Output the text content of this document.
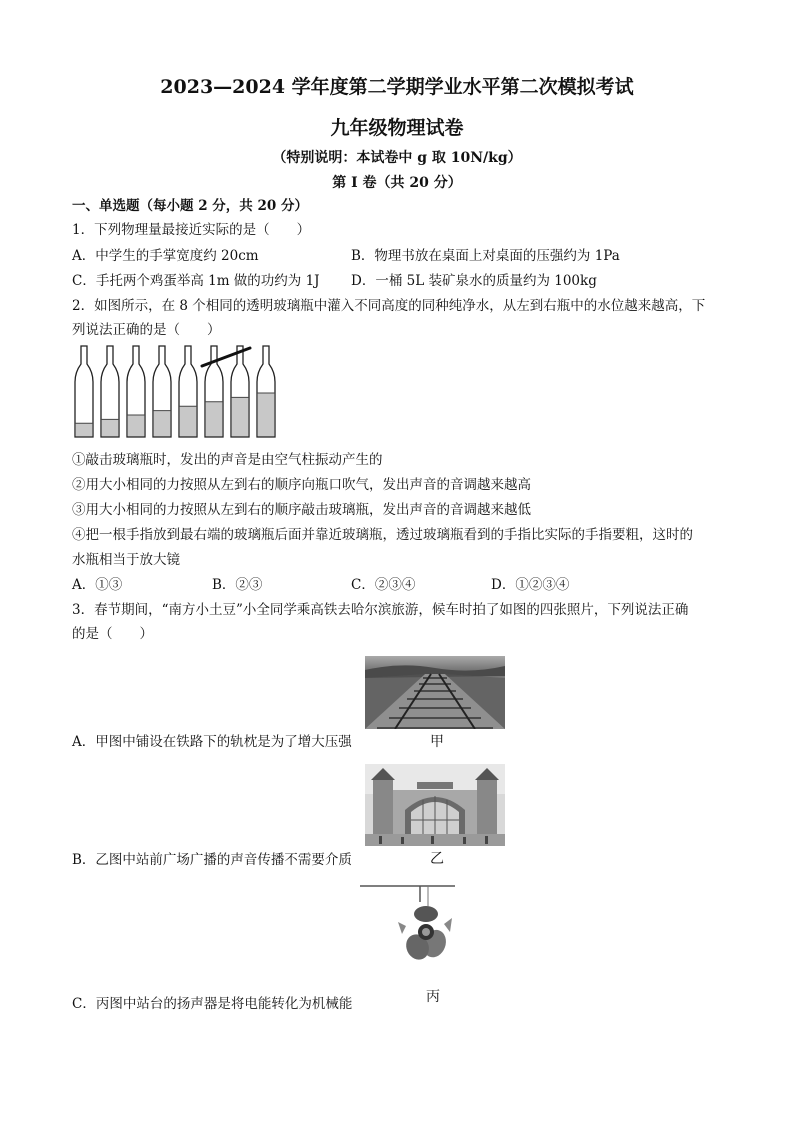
2023—2024 学年度第二学期学业水平第二次模拟考试
九年级物理试卷
（特别说明：本试卷中 g 取 10N/kg）
第 I 卷（共 20 分）
一、单选题（每小题 2 分，共 20 分）
1．下列物理量最接近实际的是（　　）
A．中学生的手掌宽度约 20cm	B．物理书放在桌面上对桌面的压强约为 1Pa
C．手托两个鸡蛋举高 1m 做的功约为 1J D．一桶 5L 装矿泉水的质量约为 100kg
2．如图所示，在 8 个相同的透明玻璃瓶中灌入不同高度的同种纯净水，从左到右瓶中的水位越来越高，下
列说法正确的是（　　）
①敲击玻璃瓶时，发出的声音是由空气柱振动产生的
②用大小相同的力按照从左到右的顺序向瓶口吹气，发出声音的音调越来越高
③用大小相同的力按照从左到右的顺序敲击玻璃瓶，发出声音的音调越来越低
④把一根手指放到最右端的玻璃瓶后面并靠近玻璃瓶，透过玻璃瓶看到的手指比实际的手指要粗，这时的
水瓶相当于放大镜
A．①③	B．②③	C．②③④	D．①②③④
3．春节期间，“南方小土豆”小全同学乘高铁去哈尔滨旅游，候车时拍了如图的四张照片，下列说法正确
的是（　　）
A．甲图中铺设在铁路下的轨枕是为了增大压强	甲
B．乙图中站前广场广播的声音传播不需要介质	乙
丙
C．丙图中站台的扬声器是将电能转化为机械能
